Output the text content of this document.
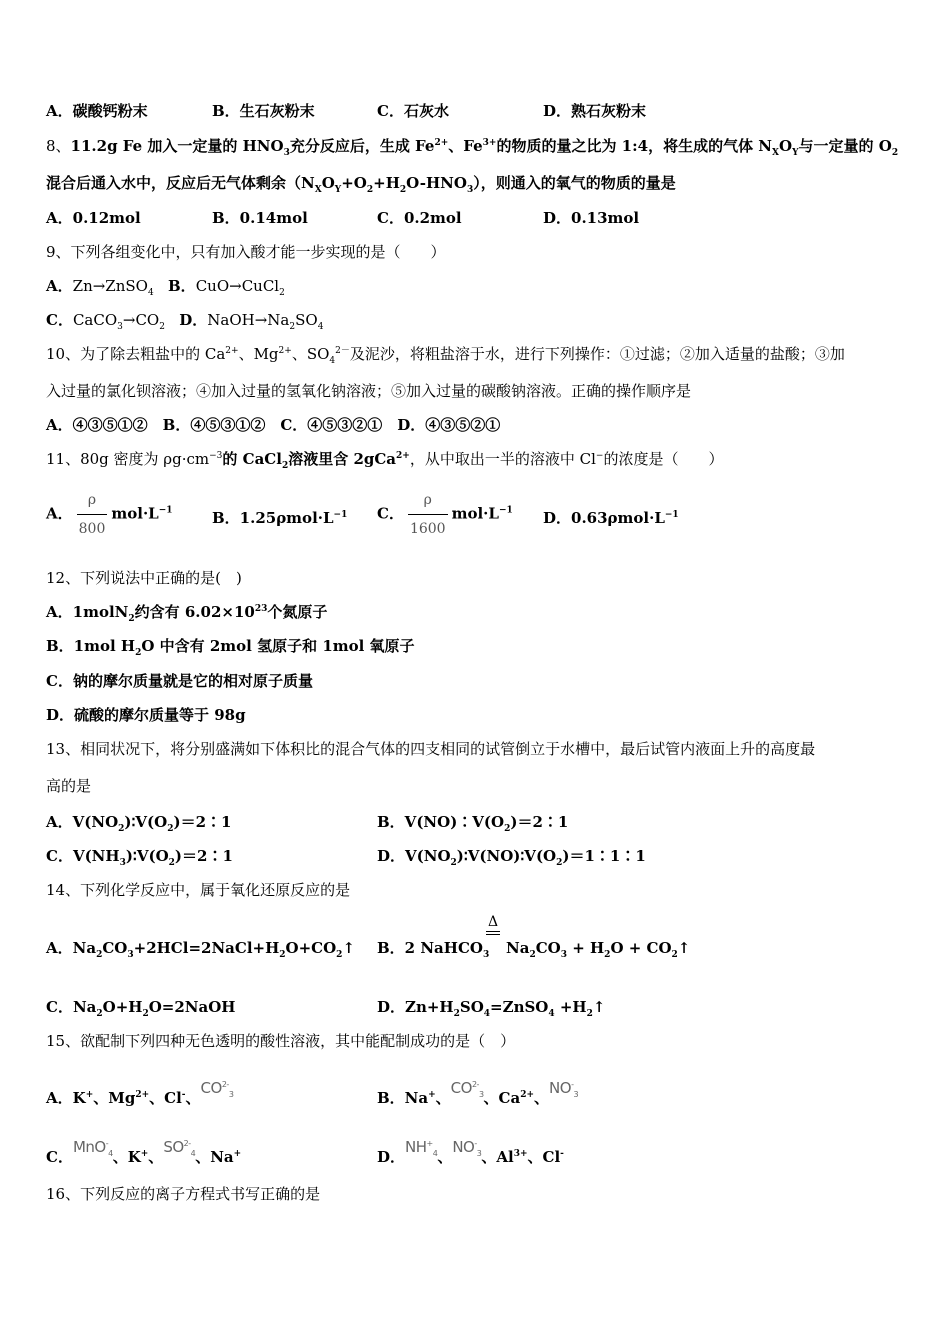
A．碳酸钙粉末	B．生石灰粉末	C．石灰水	D．熟石灰粉末
8、11.2g Fe 加入一定量的 $HNO_3$充分反应后，生成 $Fe^{2+}$、$Fe^{3+}$的物质的量之比为 1:4，将生成的气体 $N_XO_Y$与一定量的 $O_2$
混合后通入水中，反应后无气体剩余$(N_XO_Y+O_2+H_2O-HNO_3)$，则通入的氧气的物质的量是
A．0.12mol	B．0.14mol	C．0.2mol	D．0.13mol
9、下列各组变化中，只有加入酸才能一步实现的是（　　）
A．Zn→ZnSO$_4$ B．CuO→CuCl$_2$
C．$CaCO_3\to CO_2$ D．$NaOH\to Na_2SO_4$
10、为了除去粗盐中的 $Ca^{2+}$、$Mg^{2+}$、$SO_4^{2-}$及泥沙，将粗盐溶于水，进行下列操作：①过滤；②加入适量的盐酸；③加
入过量的氯化钡溶液；④加入过量的氢氧化钠溶液；⑤加入过量的碳酸钠溶液。正确的操作顺序是
A．④③⑤①②　B．④⑤③①②　C．④⑤③②①　D．④③⑤②①
11、80g 密度为 $\rho g\cdot cm^{-3}$的 CaCl$_2$溶液里含 2gCa$^{2+}$，从中取出一半的溶液中 Cl−的浓度是（　　）
A． $\frac{\rho}{800} mol\cdot L^{-1}$	B．$1.25\rho mol\cdot L^{-1}$ C． $\frac{\rho}{1600} mol\cdot L^{-1}$ D．$0.63\rho mol\cdot L^{-1}$
12、下列说法中正确的是(　)
A．1molN$_2$约含有 $6.02\times 10^{23}$个氮原子
B．1mol $H_2O$ 中含有 2mol 氢原子和 1mol 氧原子
C．钠的摩尔质量就是它的相对原子质量
D．硫酸的摩尔质量等于 98g
13、相同状况下，将分别盛满如下体积比的混合气体的四支相同的试管倒立于水槽中，最后试管内液面上升的高度最
高的是
A．$V(NO_2)∶V(O_2)=2∶1$	B．$V(NO)∶V(O_2)=2∶1$
C．$V(NH_3)∶V(O_2)=2∶1$	D．$V(NO_2)∶V(NO)∶V(O_2)=1∶1∶1$
14、下列化学反应中，属于氧化还原反应的是
A．$Na_2CO_3+2HCl=2NaCl+H_2O+CO_2↑$ B．2 NaHCO$_3$
Δ
$Na_2CO_3 + H_2O$ + $CO_2↑$
C．$Na_2O+H_2O=2NaOH$	D．$Zn+H_2SO_4=ZnSO_4$ $+H_2↑$
15、欲配制下列四种无色透明的酸性溶液，其中能配制成功的是（　）
A．K+、$Mg^{2+}$、Cl-、$CO^{2-}_3$	B．Na+、$CO^{2-}_3$、$Ca^{2+}$、$NO^-_3$
C．MnO-$_4$、K+、$SO^{2-}_4$、Na+	D．$NH^+_4$、$NO^-_3$、$Al^{3+}$、Cl-
16、下列反应的离子方程式书写正确的是
